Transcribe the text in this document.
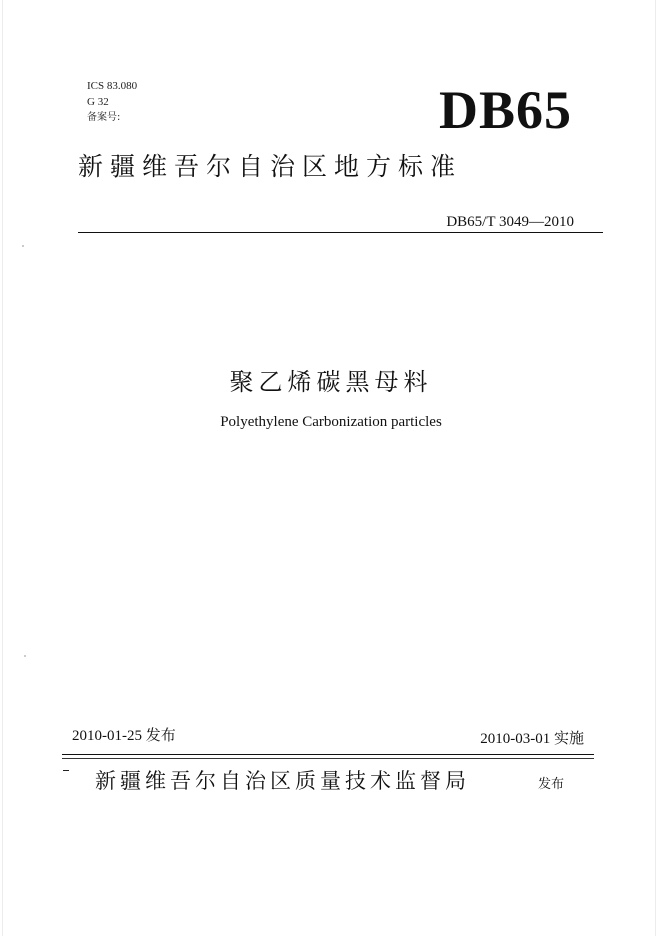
ICS 83.080
G 32
备案号:	DB65
新疆维吾尔自治区地方标准
DB65/T 3049—2010
聚乙烯碳黑母料
Polyethylene Carbonization particles
2010-01-25 发布	2010-03-01 实施
新疆维吾尔自治区质量技术监督局	发布
